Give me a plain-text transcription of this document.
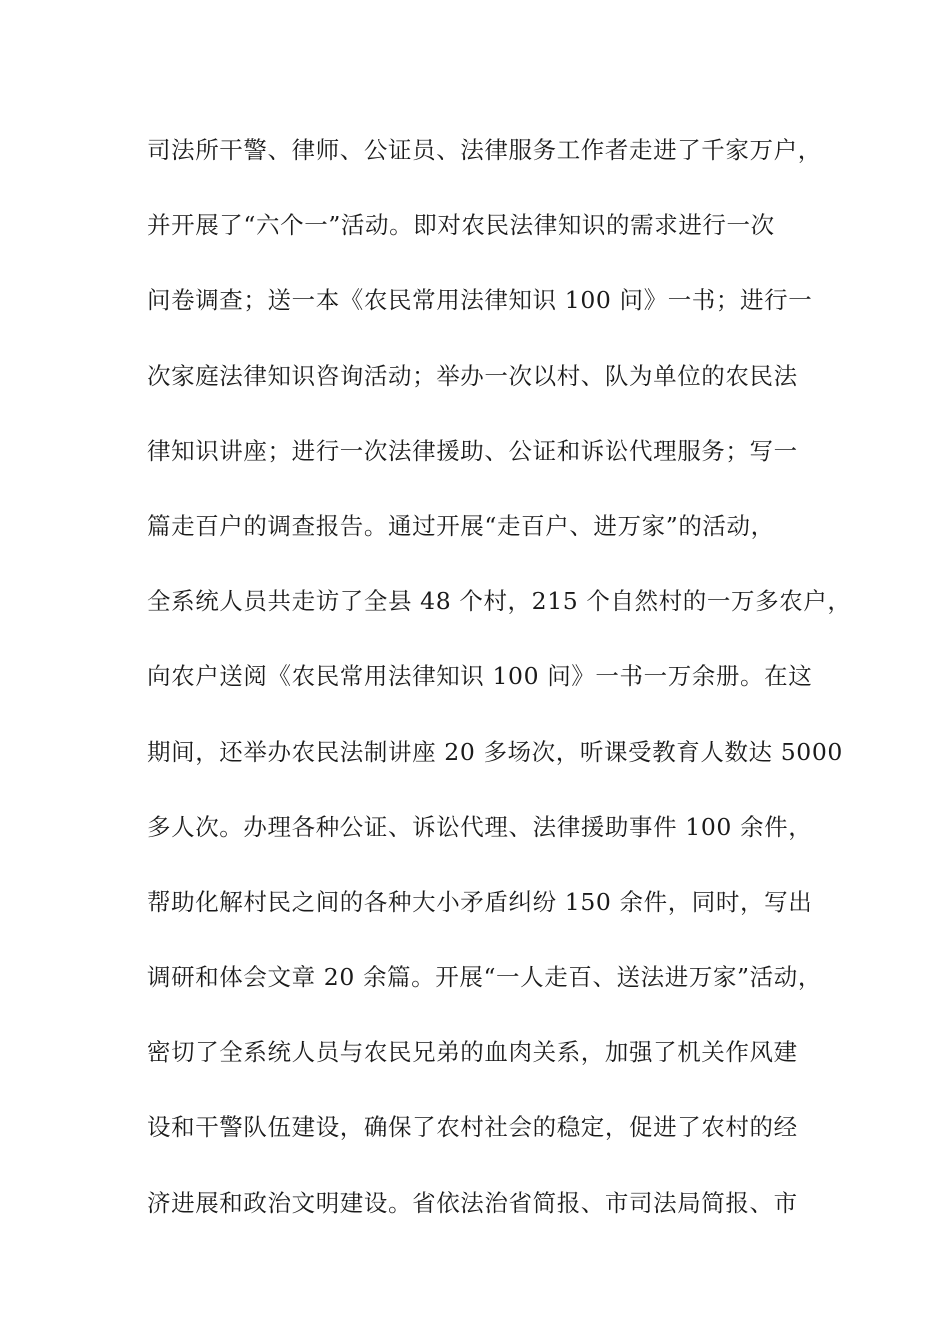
司法所干警、律师、公证员、法律服务工作者走进了千家万户，
并开展了“六个一”活动。即对农民法律知识的需求进行一次
问卷调查；送一本《农民常用法律知识 100 问》一书；进行一
次家庭法律知识咨询活动；举办一次以村、队为单位的农民法
律知识讲座；进行一次法律援助、公证和诉讼代理服务；写一
篇走百户的调查报告。通过开展“走百户、进万家”的活动，
全系统人员共走访了全县 48 个村，215 个自然村的一万多农户，
向农户送阅《农民常用法律知识 100 问》一书一万余册。在这
期间，还举办农民法制讲座 20 多场次，听课受教育人数达 5000
多人次。办理各种公证、诉讼代理、法律援助事件 100 余件，
帮助化解村民之间的各种大小矛盾纠纷 150 余件，同时，写出
调研和体会文章 20 余篇。开展“一人走百、送法进万家”活动，
密切了全系统人员与农民兄弟的血肉关系，加强了机关作风建
设和干警队伍建设，确保了农村社会的稳定，促进了农村的经
济进展和政治文明建设。省依法治省简报、市司法局简报、市
